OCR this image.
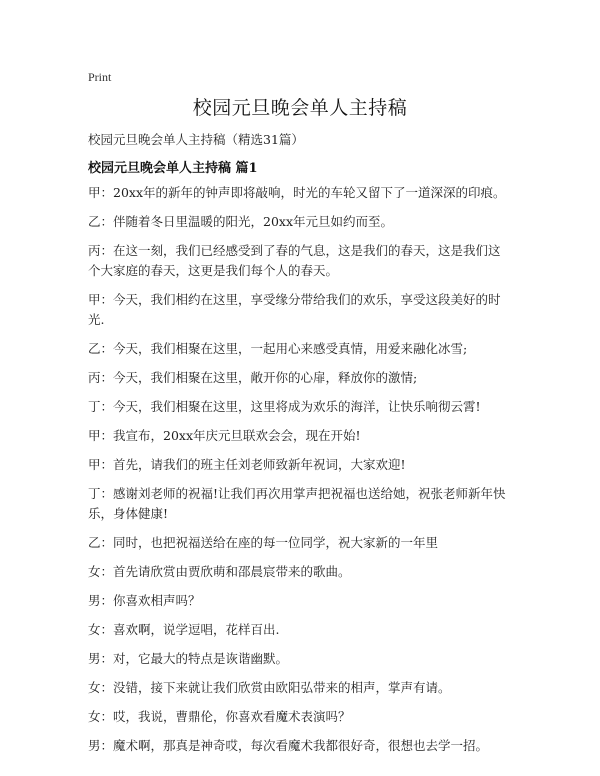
Print
校园元旦晚会单人主持稿
校园元旦晚会单人主持稿（精选31篇）
校园元旦晚会单人主持稿 篇1
甲：20xx年的新年的钟声即将敲响，时光的车轮又留下了一道深深的印痕。
乙：伴随着冬日里温暖的阳光，20xx年元旦如约而至。
丙：在这一刻，我们已经感受到了春的气息，这是我们的春天，这是我们这个大家庭的春天，这更是我们每个人的春天。
甲：今天，我们相约在这里，享受缘分带给我们的欢乐，享受这段美好的时光.
乙：今天，我们相聚在这里，一起用心来感受真情，用爱来融化冰雪;
丙：今天，我们相聚在这里，敞开你的心扉，释放你的激情;
丁：今天，我们相聚在这里，这里将成为欢乐的海洋，让快乐响彻云霄!
甲：我宣布，20xx年庆元旦联欢会会，现在开始!
甲：首先，请我们的班主任刘老师致新年祝词，大家欢迎!
丁：感谢刘老师的祝福!让我们再次用掌声把祝福也送给她，祝张老师新年快乐，身体健康!
乙：同时，也把祝福送给在座的每一位同学，祝大家新的一年里
女：首先请欣赏由贾欣萌和邵晨宸带来的歌曲。
男：你喜欢相声吗？
女：喜欢啊，说学逗唱，花样百出.
男：对，它最大的特点是诙谐幽默。
女：没错，接下来就让我们欣赏由欧阳弘带来的相声，掌声有请。
女：哎，我说，曹鼎伦，你喜欢看魔术表演吗？
男：魔术啊，那真是神奇哎，每次看魔术我都很好奇，很想也去学一招。
